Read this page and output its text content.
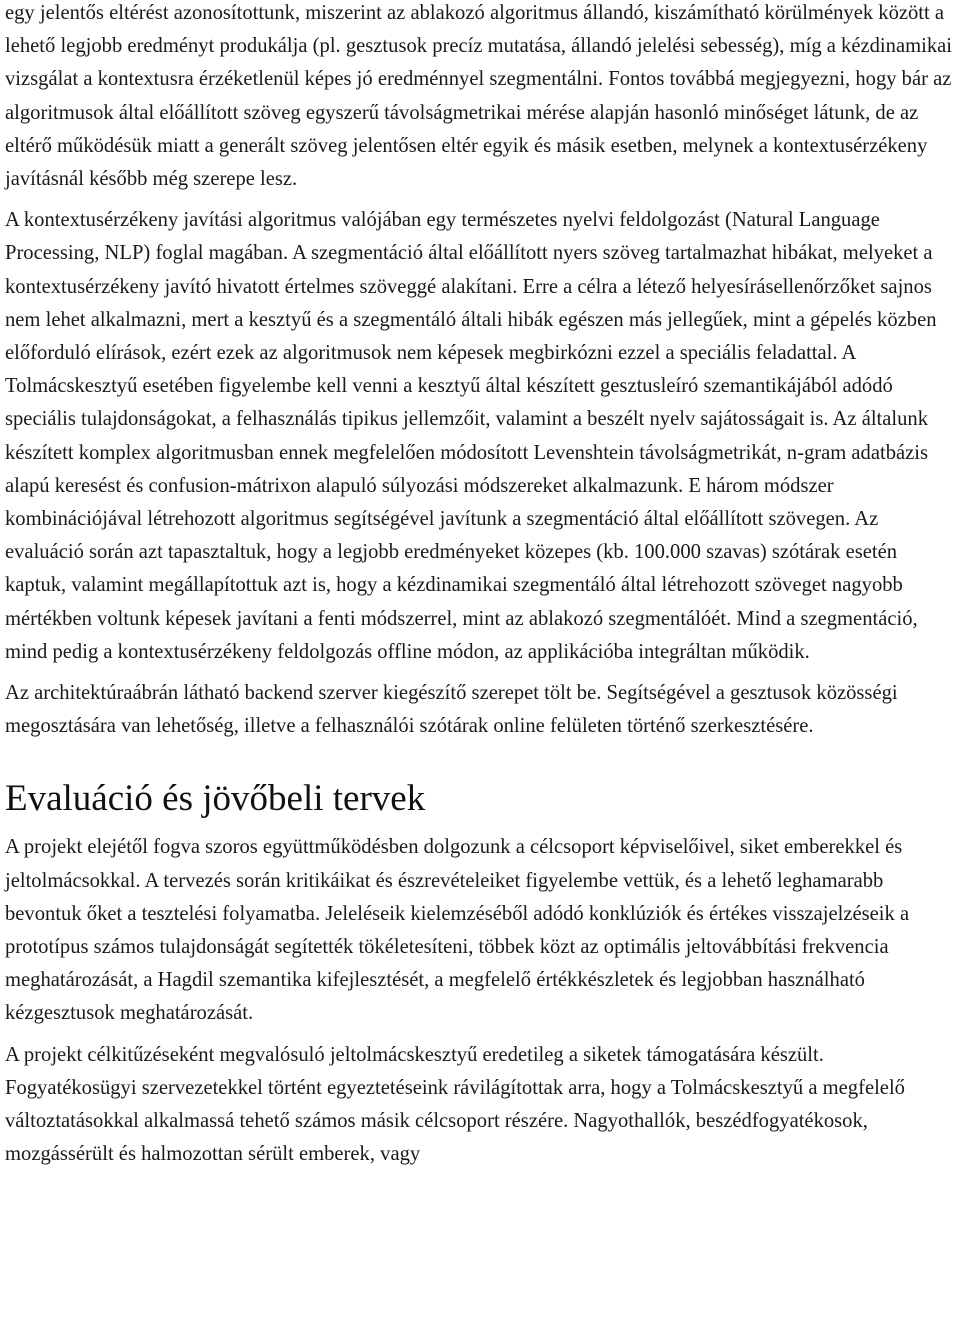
egy jelentős eltérést azonosítottunk, miszerint az ablakozó algoritmus állandó, kiszámítható körülmények között a lehető legjobb eredményt produkálja (pl. gesztusok precíz mutatása, állandó jelelési sebesség), míg a kézdinamikai vizsgálat a kontextusra érzéketlenül képes jó eredménnyel szegmentálni. Fontos továbbá megjegyezni, hogy bár az algoritmusok által előállított szöveg egyszerű távolságmetrikai mérése alapján hasonló minőséget látunk, de az eltérő működésük miatt a generált szöveg jelentősen eltér egyik és másik esetben, melynek a kontextusérzékeny javításnál később még szerepe lesz.

A kontextusérzékeny javítási algoritmus valójában egy természetes nyelvi feldolgozást (Natural Language Processing, NLP) foglal magában. A szegmentáció által előállított nyers szöveg tartalmazhat hibákat, melyeket a kontextusérzékeny javító hivatott értelmes szöveggé alakítani. Erre a célra a létező helyesírásellenőrzőket sajnos nem lehet alkalmazni, mert a kesztyű és a szegmentáló általi hibák egészen más jellegűek, mint a gépelés közben előforduló elírások, ezért ezek az algoritmusok nem képesek megbirkózni ezzel a speciális feladattal. A Tolmácskesztyű esetében figyelembe kell venni a kesztyű által készített gesztusleíró szemantikájából adódó speciális tulajdonságokat, a felhasználás tipikus jellemzőit, valamint a beszélt nyelv sajátosságait is. Az általunk készített komplex algoritmusban ennek megfelelően módosított Levenshtein távolságmetrikát, n-gram adatbázis alapú keresést és confusion-mátrixon alapuló súlyozási módszereket alkalmazunk. E három módszer kombinációjával létrehozott algoritmus segítségével javítunk a szegmentáció által előállított szövegen. Az evaluáció során azt tapasztaltuk, hogy a legjobb eredményeket közepes (kb. 100.000 szavas) szótárak esetén kaptuk, valamint megállapítottuk azt is, hogy a kézdinamikai szegmentáló által létrehozott szöveget nagyobb mértékben voltunk képesek javítani a fenti módszerrel, mint az ablakozó szegmentálóét. Mind a szegmentáció, mind pedig a kontextusérzékeny feldolgozás offline módon, az applikációba integráltan működik.

Az architektúraábrán látható backend szerver kiegészítő szerepet tölt be. Segítségével a gesztusok közösségi megosztására van lehetőség, illetve a felhasználói szótárak online felületen történő szerkesztésére.

Evaluáció és jövőbeli tervek

A projekt elejétől fogva szoros együttműködésben dolgozunk a célcsoport képviselőivel, siket emberekkel és jeltolmácsokkal. A tervezés során kritikáikat és észrevételeiket figyelembe vettük, és a lehető leghamarabb bevontuk őket a tesztelési folyamatba. Jeleléseik kielemzéséből adódó konklúziók és értékes visszajelzéseik a prototípus számos tulajdonságát segítették tökéletesíteni, többek közt az optimális jeltovábbítási frekvencia meghatározását, a Hagdil szemantika kifejlesztését, a megfelelő értékkészletek és legjobban használható kézgesztusok meghatározását.

A projekt célkitűzéseként megvalósuló jeltolmácskesztyű eredetileg a siketek támogatására készült. Fogyatékosügyi szervezetekkel történt egyeztetéseink rávilágítottak arra, hogy a Tolmácskesztyű a megfelelő változtatásokkal alkalmassá tehető számos másik célcsoport részére. Nagyothallók, beszédfogyatékosok, mozgássérült és halmozottan sérült emberek, vagy
